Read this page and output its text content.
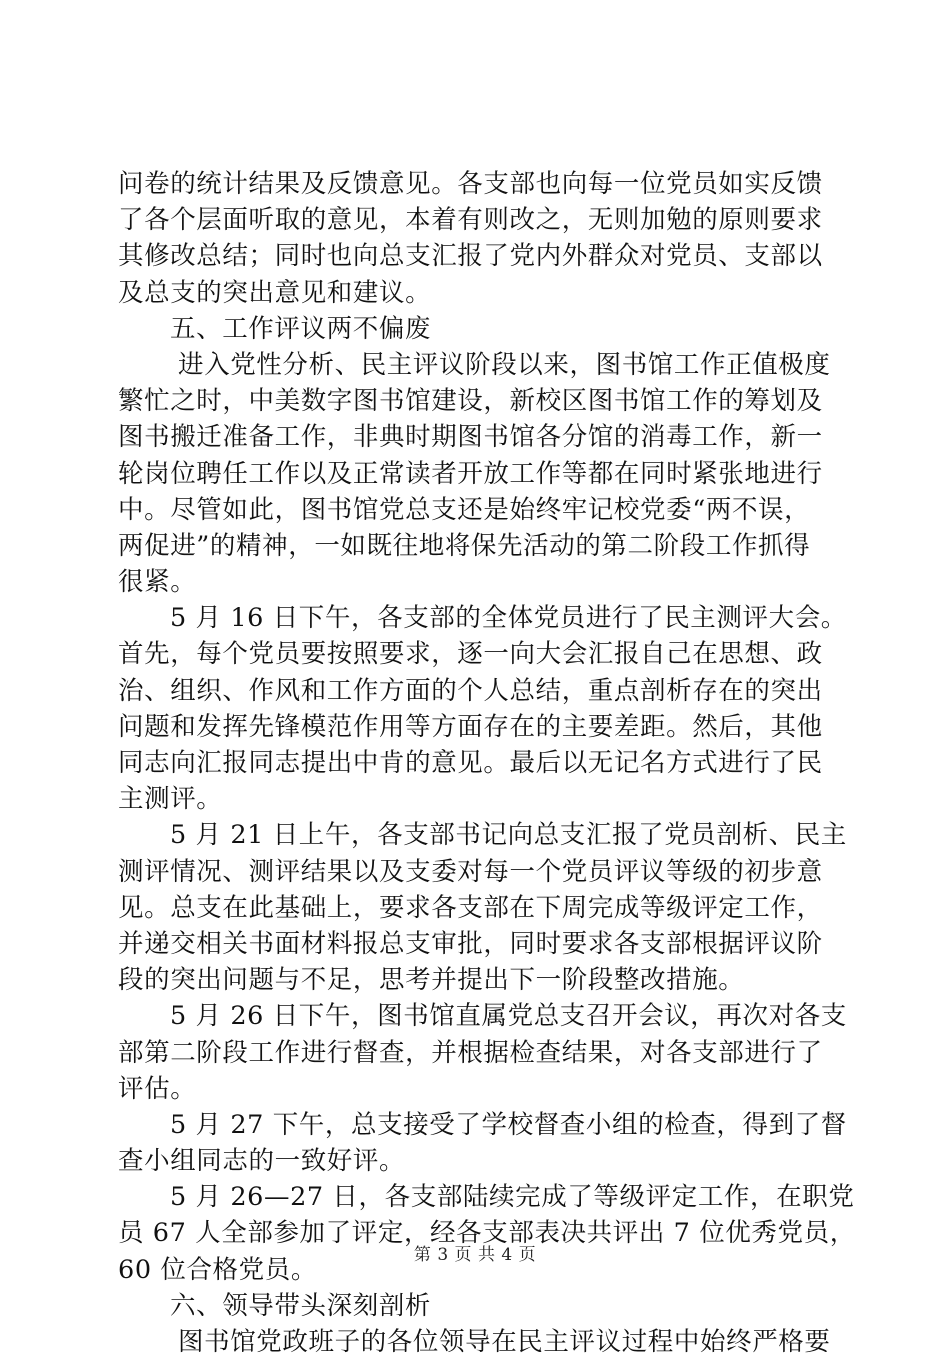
问卷的统计结果及反馈意见。各支部也向每一位党员如实反馈
了各个层面听取的意见，本着有则改之，无则加勉的原则要求
其修改总结；同时也向总支汇报了党内外群众对党员、支部以
及总支的突出意见和建议。
五、工作评议两不偏废
进入党性分析、民主评议阶段以来，图书馆工作正值极度
繁忙之时，中美数字图书馆建设，新校区图书馆工作的筹划及
图书搬迁准备工作，非典时期图书馆各分馆的消毒工作，新一
轮岗位聘任工作以及正常读者开放工作等都在同时紧张地进行
中。尽管如此，图书馆党总支还是始终牢记校党委“两不误，
两促进”的精神，一如既往地将保先活动的第二阶段工作抓得
很紧。
5 月 16 日下午，各支部的全体党员进行了民主测评大会。
首先，每个党员要按照要求，逐一向大会汇报自己在思想、政
治、组织、作风和工作方面的个人总结，重点剖析存在的突出
问题和发挥先锋模范作用等方面存在的主要差距。然后，其他
同志向汇报同志提出中肯的意见。最后以无记名方式进行了民
主测评。
5 月 21 日上午，各支部书记向总支汇报了党员剖析、民主
测评情况、测评结果以及支委对每一个党员评议等级的初步意
见。总支在此基础上，要求各支部在下周完成等级评定工作，
并递交相关书面材料报总支审批，同时要求各支部根据评议阶
段的突出问题与不足，思考并提出下一阶段整改措施。
5 月 26 日下午，图书馆直属党总支召开会议，再次对各支
部第二阶段工作进行督查，并根据检查结果，对各支部进行了
评估。
5 月 27 下午，总支接受了学校督查小组的检查，得到了督
查小组同志的一致好评。
5 月 26—27 日，各支部陆续完成了等级评定工作，在职党
员 67 人全部参加了评定，经各支部表决共评出 7 位优秀党员，
60 位合格党员。
六、领导带头深刻剖析
图书馆党政班子的各位领导在民主评议过程中始终严格要
第 3 页 共 4 页
